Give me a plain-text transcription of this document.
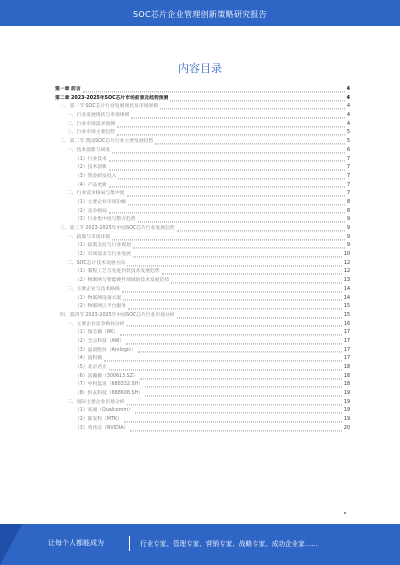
SOC芯片企业管理创新策略研究报告
内容目录
第一章 前言	4
第二章 2023-2025年SOC芯片市场前景及趋势预测	4
一、第一节 SOC芯片行业发展现状及市场规模	4
一、行业发展现状与市场规模	4
二、行业市场需求预测	4
三、行业市场主要趋势	5
二、第二节 我国SOC芯片行业主要发展趋势	5
一、技术创新与研发	6
（1）行业技术	7
（2）技术创新	7
（3）资金研发投入	7
（4）产品更新	7
二、行业竞争格局与集中度	7
（1）主要企业市场份额	8
（2）竞争格局	8
（3）行业集中度与整合趋势	9
三、第三节 2023-2025年中国SOC芯片行业发展趋势	9
一、政策与市场环境	9
（1）政策支持与行业规划	9
（2）市场需求与行业发展	10
二、SOC芯片技术发展方向	12
（1）制程工艺与先进封装技术发展趋势	12
（2）物联网与智能硬件领域的技术发展趋势	13
三、主要企业与技术路线	14
（1）物联网设备方案	14
（2）物联网云平台服务	15
四、第四节 2023-2025年中国SOC芯片行业市场分析	15
一、主要企业竞争格局分析	16
（1）瑞芯微（RK）	17
（2）全志科技（AW）	17
（3）晶晨股份（Amlogic）	17
（4）国科微	17
（5）北京君正	18
（6）富瀚微（300613.SZ）	18
（7）中科蓝讯（688332.SH）	18
（8）恒玄科技（688608.SH）	19
二、国际主要企业市场分析	19
（1）高通（Qualcomm）	19
（2）联发科（MTK）	19
（3）英伟达（NVIDIA）	20
让每个人都能成为	行业专家、管理专家、营销专家、战略专家、成功企业家……
